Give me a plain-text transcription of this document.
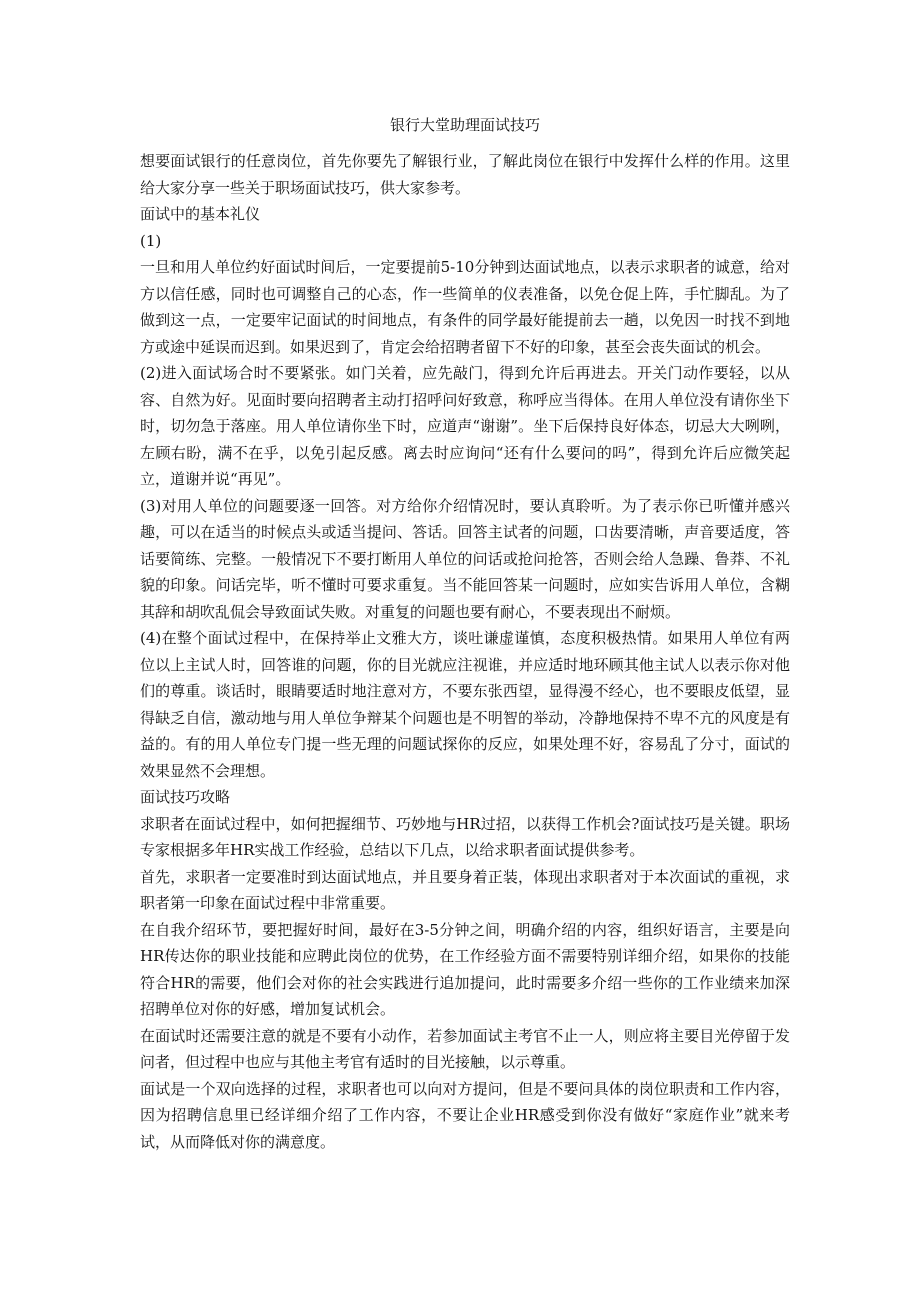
银行大堂助理面试技巧

想要面试银行的任意岗位，首先你要先了解银行业，了解此岗位在银行中发挥什么样的作用。这里给大家分享一些关于职场面试技巧，供大家参考。

面试中的基本礼仪

(1)

一旦和用人单位约好面试时间后，一定要提前5-10分钟到达面试地点，以表示求职者的诚意，给对方以信任感，同时也可调整自己的心态，作一些简单的仪表准备，以免仓促上阵，手忙脚乱。为了做到这一点，一定要牢记面试的时间地点，有条件的同学最好能提前去一趟，以免因一时找不到地方或途中延误而迟到。如果迟到了，肯定会给招聘者留下不好的印象，甚至会丧失面试的机会。

(2)进入面试场合时不要紧张。如门关着，应先敲门，得到允许后再进去。开关门动作要轻，以从容、自然为好。见面时要向招聘者主动打招呼问好致意，称呼应当得体。在用人单位没有请你坐下时，切勿急于落座。用人单位请你坐下时，应道声“谢谢”。坐下后保持良好体态，切忌大大咧咧，左顾右盼，满不在乎，以免引起反感。离去时应询问“还有什么要问的吗”，得到允许后应微笑起立，道谢并说“再见”。

(3)对用人单位的问题要逐一回答。对方给你介绍情况时，要认真聆听。为了表示你已听懂并感兴趣，可以在适当的时候点头或适当提问、答话。回答主试者的问题，口齿要清晰，声音要适度，答话要简练、完整。一般情况下不要打断用人单位的问话或抢问抢答，否则会给人急躁、鲁莽、不礼貌的印象。问话完毕，听不懂时可要求重复。当不能回答某一问题时，应如实告诉用人单位，含糊其辞和胡吹乱侃会导致面试失败。对重复的问题也要有耐心，不要表现出不耐烦。

(4)在整个面试过程中，在保持举止文雅大方，谈吐谦虚谨慎，态度积极热情。如果用人单位有两位以上主试人时，回答谁的问题，你的目光就应注视谁，并应适时地环顾其他主试人以表示你对他们的尊重。谈话时，眼睛要适时地注意对方，不要东张西望，显得漫不经心，也不要眼皮低望，显得缺乏自信，激动地与用人单位争辩某个问题也是不明智的举动，冷静地保持不卑不亢的风度是有益的。有的用人单位专门提一些无理的问题试探你的反应，如果处理不好，容易乱了分寸，面试的效果显然不会理想。

面试技巧攻略

求职者在面试过程中，如何把握细节、巧妙地与HR过招，以获得工作机会?面试技巧是关键。职场专家根据多年HR实战工作经验，总结以下几点，以给求职者面试提供参考。

首先，求职者一定要准时到达面试地点，并且要身着正装，体现出求职者对于本次面试的重视，求职者第一印象在面试过程中非常重要。

在自我介绍环节，要把握好时间，最好在3-5分钟之间，明确介绍的内容，组织好语言，主要是向HR传达你的职业技能和应聘此岗位的优势，在工作经验方面不需要特别详细介绍，如果你的技能符合HR的需要，他们会对你的社会实践进行追加提问，此时需要多介绍一些你的工作业绩来加深招聘单位对你的好感，增加复试机会。

在面试时还需要注意的就是不要有小动作，若参加面试主考官不止一人，则应将主要目光停留于发问者，但过程中也应与其他主考官有适时的目光接触，以示尊重。

面试是一个双向选择的过程，求职者也可以向对方提问，但是不要问具体的岗位职责和工作内容，因为招聘信息里已经详细介绍了工作内容，不要让企业HR感受到你没有做好“家庭作业”就来考试，从而降低对你的满意度。
